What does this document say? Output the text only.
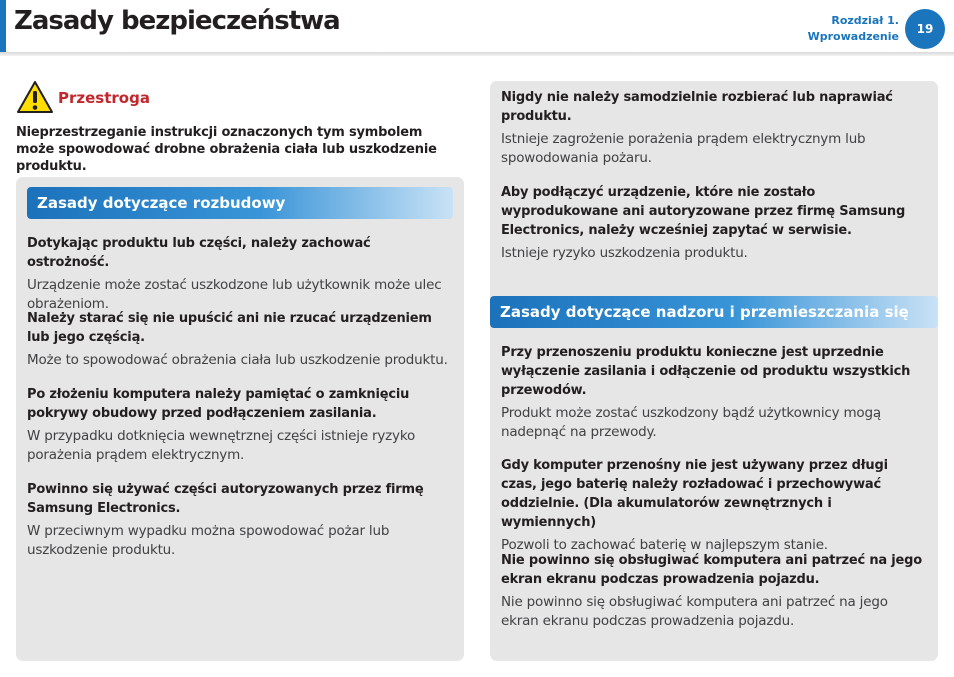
Zasady bezpieczeństwa	Rozdział 1.
Wprowadzenie
19
Przestroga

Nieprzestrzeganie instrukcji oznaczonych tym symbolem może spowodować drobne obrażenia ciała lub uszkodzenie produktu.

Zasady dotyczące rozbudowy

Dotykając produktu lub części, należy zachować ostrożność.

Urządzenie może zostać uszkodzone lub użytkownik może ulec obrażeniom.

Należy starać się nie upuścić ani nie rzucać urządzeniem lub jego częścią.

Może to spowodować obrażenia ciała lub uszkodzenie produktu.

Po złożeniu komputera należy pamiętać o zamknięciu pokrywy obudowy przed podłączeniem zasilania.

W przypadku dotknięcia wewnętrznej części istnieje ryzyko porażenia prądem elektrycznym.

Powinno się używać części autoryzowanych przez firmę Samsung Electronics.

W przeciwnym wypadku można spowodować pożar lub uszkodzenie produktu.

Nigdy nie należy samodzielnie rozbierać lub naprawiać produktu.

Istnieje zagrożenie porażenia prądem elektrycznym lub spowodowania pożaru.

Aby podłączyć urządzenie, które nie zostało wyprodukowane ani autoryzowane przez firmę Samsung Electronics, należy wcześniej zapytać w serwisie.

Istnieje ryzyko uszkodzenia produktu.

Zasady dotyczące nadzoru i przemieszczania się

Przy przenoszeniu produktu konieczne jest uprzednie wyłączenie zasilania i odłączenie od produktu wszystkich przewodów.

Produkt może zostać uszkodzony bądź użytkownicy mogą nadepnąć na przewody.

Gdy komputer przenośny nie jest używany przez długi czas, jego baterię należy rozładować i przechowywać oddzielnie. (Dla akumulatorów zewnętrznych i wymiennych)

Pozwoli to zachować baterię w najlepszym stanie.

Nie powinno się obsługiwać komputera ani patrzeć na jego ekran ekranu podczas prowadzenia pojazdu.

Nie powinno się obsługiwać komputera ani patrzeć na jego ekran ekranu podczas prowadzenia pojazdu.
